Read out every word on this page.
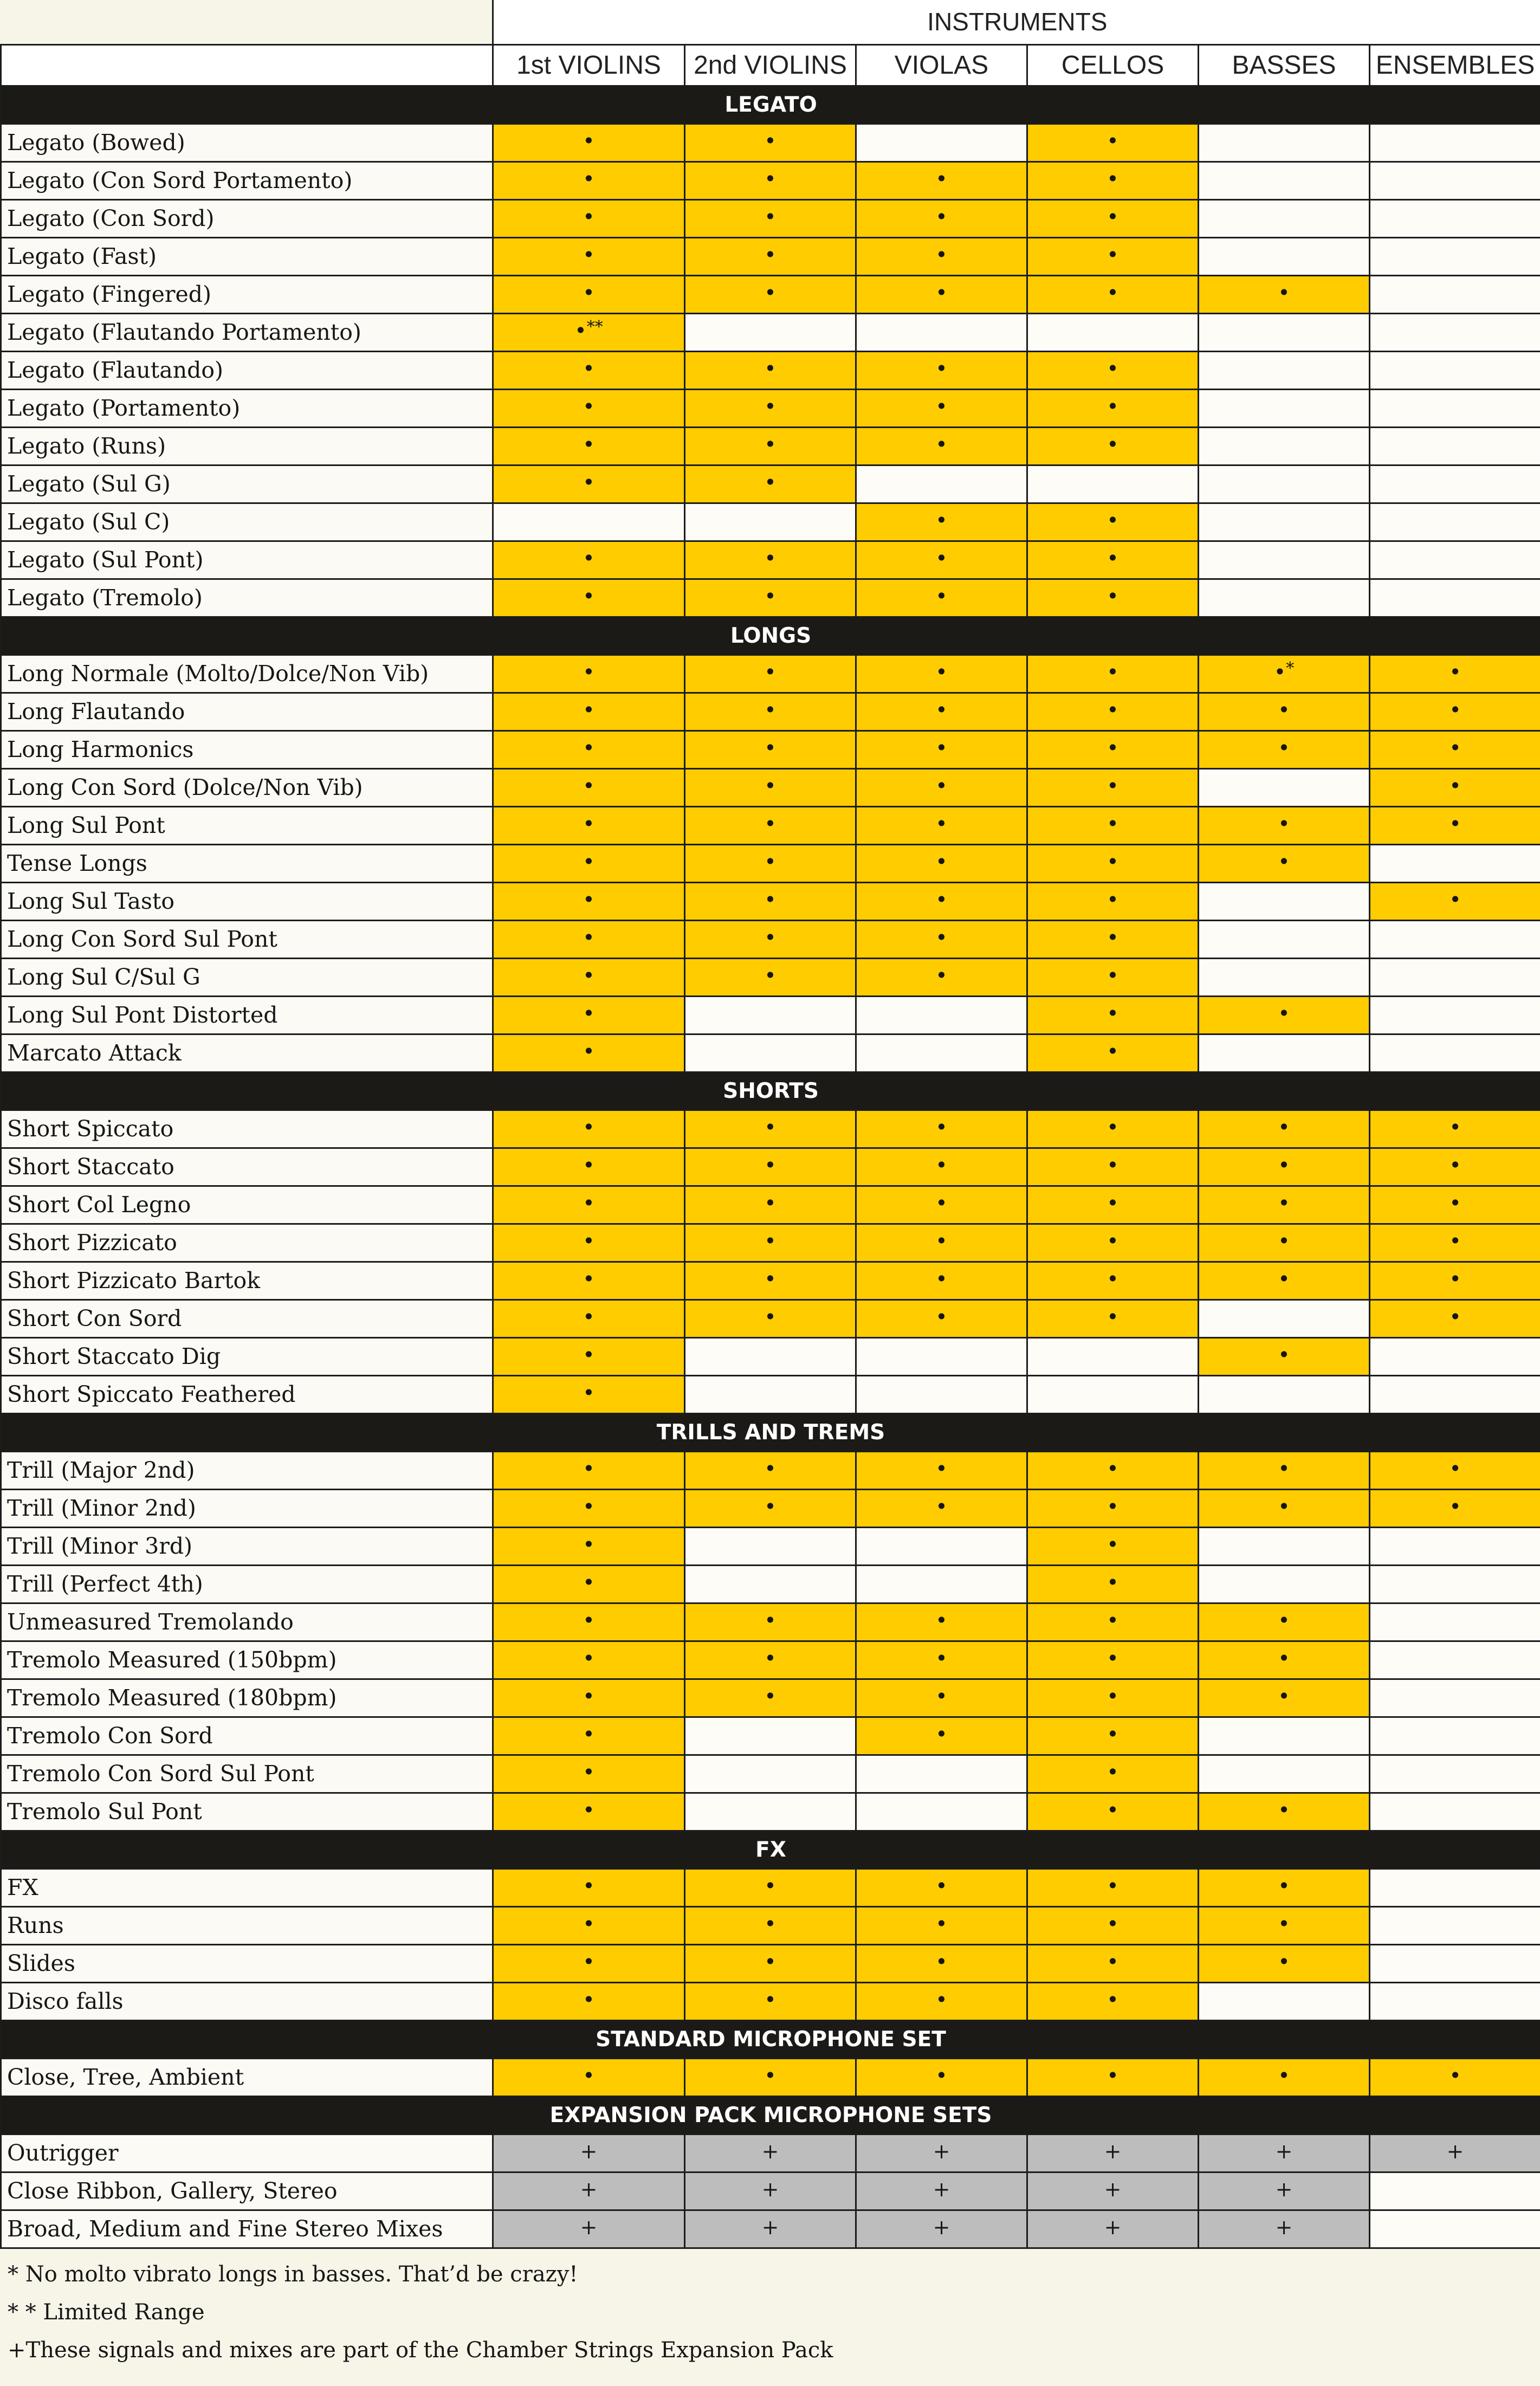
	INSTRUMENTS					
	1st VIOLINS	2nd VIOLINS	VIOLAS	CELLOS	BASSES	ENSEMBLES
LEGATO						
Legato (Bowed)	•	•		•		
Legato (Con Sord Portamento)	•	•	•	•		
Legato (Con Sord)	•	•	•	•		
Legato (Fast)	•	•	•	•		
Legato (Fingered)	•	•	•	•	•	
Legato (Flautando Portamento)	•**					
Legato (Flautando)	•	•	•	•		
Legato (Portamento)	•	•	•	•		
Legato (Runs)	•	•	•	•		
Legato (Sul G)	•	•				
Legato (Sul C)			•	•		
Legato (Sul Pont)	•	•	•	•		
Legato (Tremolo)	•	•	•	•		
LONGS						
Long Normale (Molto/Dolce/Non Vib)	•	•	•	•	•*	•
Long Flautando	•	•	•	•	•	•
Long Harmonics	•	•	•	•	•	•
Long Con Sord (Dolce/Non Vib)	•	•	•	•		•
Long Sul Pont	•	•	•	•	•	•
Tense Longs	•	•	•	•	•	
Long Sul Tasto	•	•	•	•		•
Long Con Sord Sul Pont	•	•	•	•		
Long Sul C/Sul G	•	•	•	•		
Long Sul Pont Distorted	•			•	•	
Marcato Attack	•			•		
SHORTS						
Short Spiccato	•	•	•	•	•	•
Short Staccato	•	•	•	•	•	•
Short Col Legno	•	•	•	•	•	•
Short Pizzicato	•	•	•	•	•	•
Short Pizzicato Bartok	•	•	•	•	•	•
Short Con Sord	•	•	•	•		•
Short Staccato Dig	•				•	
Short Spiccato Feathered	•					
TRILLS AND TREMS						
Trill (Major 2nd)	•	•	•	•	•	•
Trill (Minor 2nd)	•	•	•	•	•	•
Trill (Minor 3rd)	•			•		
Trill (Perfect 4th)	•			•		
Unmeasured Tremolando	•	•	•	•	•	
Tremolo Measured (150bpm)	•	•	•	•	•	
Tremolo Measured (180bpm)	•	•	•	•	•	
Tremolo Con Sord	•		•	•		
Tremolo Con Sord Sul Pont	•			•		
Tremolo Sul Pont	•			•	•	
FX						
FX	•	•	•	•	•	
Runs	•	•	•	•	•	
Slides	•	•	•	•	•	
Disco falls	•	•	•	•		
STANDARD MICROPHONE SET						
Close, Tree, Ambient	•	•	•	•	•	•
EXPANSION PACK MICROPHONE SETS						
Outrigger	+	+	+	+	+	+
Close Ribbon, Gallery, Stereo	+	+	+	+	+	
Broad, Medium and Fine Stereo Mixes	+	+	+	+	+	
* No molto vibrato longs in basses. That’d be crazy!
* * Limited Range
+These signals and mixes are part of the Chamber Strings Expansion Pack
